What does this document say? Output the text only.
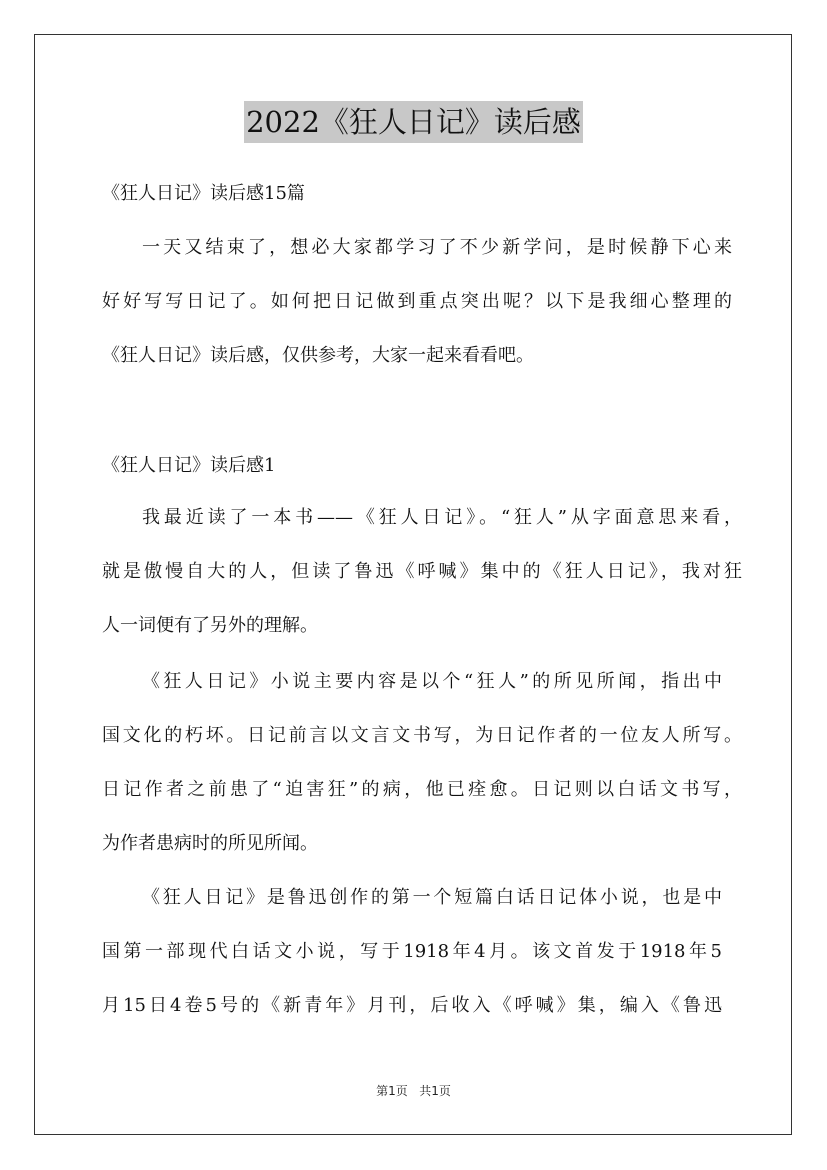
2022《狂人日记》读后感
《狂人日记》读后感15篇
一天又结束了，想必大家都学习了不少新学问，是时候静下心来
好好写写日记了。如何把日记做到重点突出呢？以下是我细心整理的
《狂人日记》读后感，仅供参考，大家一起来看看吧。
《狂人日记》读后感1
我最近读了一本书——《狂人日记》。“狂人”从字面意思来看，
就是傲慢自大的人，但读了鲁迅《呼喊》集中的《狂人日记》，我对狂
人一词便有了另外的理解。
《狂人日记》小说主要内容是以个“狂人”的所见所闻，指出中
国文化的朽坏。日记前言以文言文书写，为日记作者的一位友人所写。
日记作者之前患了“迫害狂”的病，他已痊愈。日记则以白话文书写，
为作者患病时的所见所闻。
《狂人日记》是鲁迅创作的第一个短篇白话日记体小说，也是中
国第一部现代白话文小说，写于1918年4月。该文首发于1918年5
月15日4卷5号的《新青年》月刊，后收入《呼喊》集，编入《鲁迅
第1页 共1页
